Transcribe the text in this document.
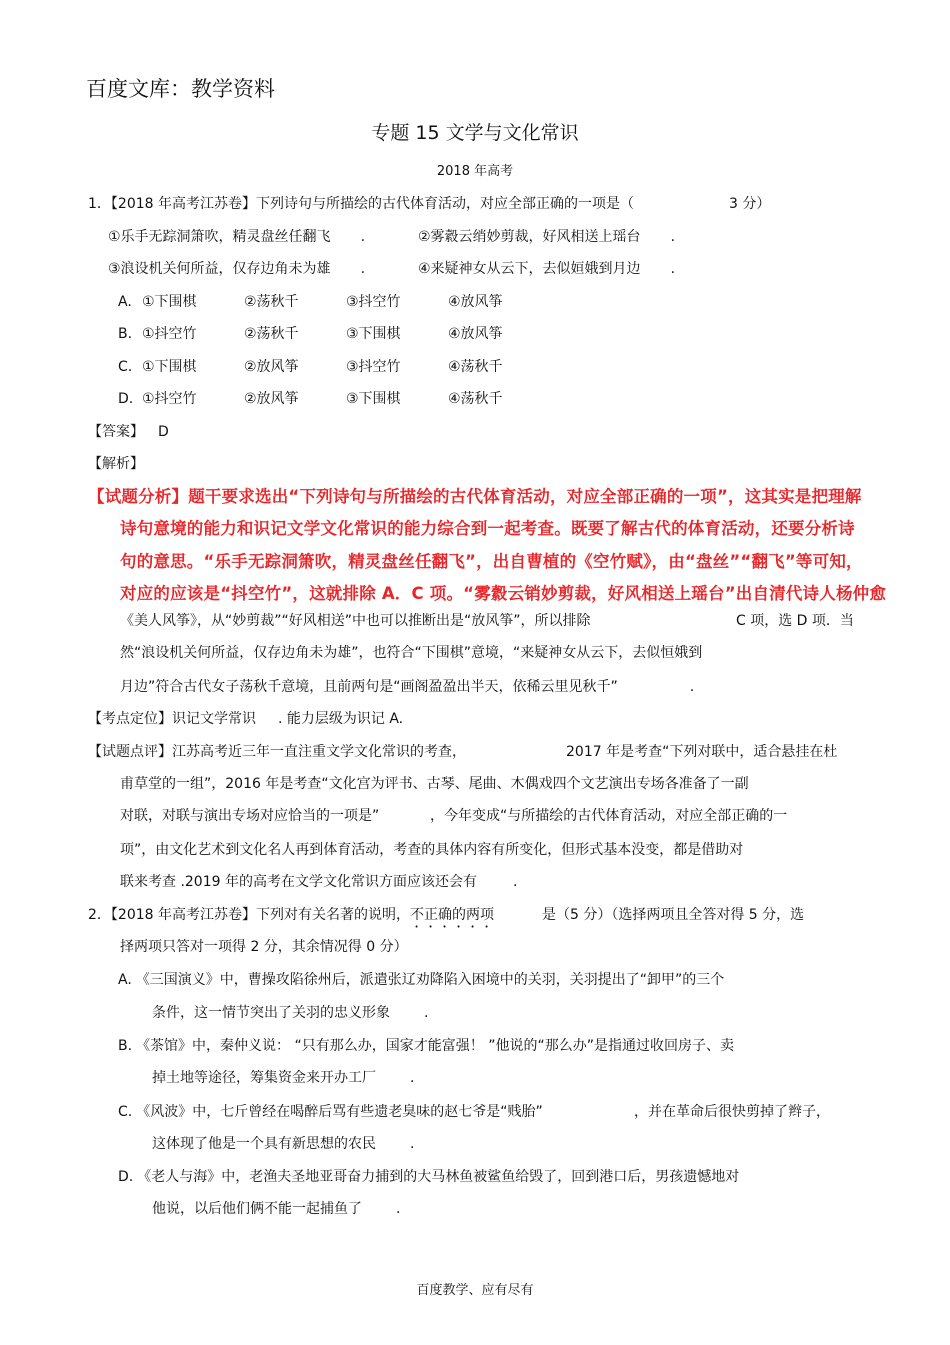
百度文库：教学资料
专题 15 文学与文化常识
2018 年高考
1．【2018 年高考江苏卷】下列诗句与所描绘的古代体育活动，对应全部正确的一项是（	3 分）
①乐手无踪洞箫吹，精灵盘丝任翻飞 .	②雾縠云绡妙剪裁，好风相送上瑶台 .
③浪设机关何所益，仅存边角未为雄 .	④来疑神女从云下，去似姮娥到月边 .
A. ①下围棋	②荡秋千	③抖空竹	④放风筝
B. ①抖空竹	②荡秋千	③下围棋	④放风筝
C. ①下围棋	②放风筝	③抖空竹	④荡秋千
D. ①抖空竹	②放风筝	③下围棋	④荡秋千
【答案】 D
【解析】
【试题分析】题干要求选出“下列诗句与所描绘的古代体育活动，对应全部正确的一项”，这其实是把理解
诗句意境的能力和识记文学文化常识的能力综合到一起考查。既要了解古代的体育活动，还要分析诗
句的意思。“乐手无踪洞箫吹，精灵盘丝任翻飞”，出自曹植的《空竹赋》，由“盘丝”“翻飞”等可知，
对应的应该是“抖空竹”，这就排除 A．C 项。“雾縠云销妙剪裁，好风相送上瑶台”出自清代诗人杨仲愈
《美人风筝》，从“妙剪裁”“好风相送”中也可以推断出是“放风筝”，所以排除	C 项，选 D 项．当
然“浪设机关何所益，仅存边角未为雄”，也符合“下围棋”意境，“来疑神女从云下，去似恒娥到
月边”符合古代女子荡秋千意境，且前两句是“画阁盈盈出半天，依稀云里见秋千”	.
【考点定位】识记文学常识 . 能力层级为识记 A.
【试题点评】江苏高考近三年一直注重文学文化常识的考查，	2017 年是考查“下列对联中，适合悬挂在杜
甫草堂的一组”，2016 年是考查“文化宫为评书、古琴、尾曲、木偶戏四个文艺演出专场各准备了一副
对联，对联与演出专场对应恰当的一项是”	，今年变成“与所描绘的古代体育活动，对应全部正确的一
项”，由文化艺术到文化名人再到体育活动，考查的具体内容有所变化，但形式基本没变，都是借助对
联来考查 .2019 年的高考在文学文化常识方面应该还会有	.
2．【2018 年高考江苏卷】下列对有关名著的说明，不正确的两项	是（5 分）（选择两项且全答对得 5 分，选
择两项只答对一项得 2 分，其余情况得 0 分）
A. 《三国演义》中，曹操攻陷徐州后，派遣张辽劝降陷入困境中的关羽，关羽提出了“卸甲”的三个
条件，这一情节突出了关羽的忠义形象 .
B. 《茶馆》中，秦仲义说： “只有那么办，国家才能富强！ ”他说的“那么办”是指通过收回房子、卖
掉土地等途径，筹集资金来开办工厂 .
C. 《风波》中，七斤曾经在喝醉后骂有些遗老臭味的赵七爷是“贱胎”	，并在革命后很快剪掉了辫子，
这体现了他是一个具有新思想的农民 .
D. 《老人与海》中，老渔夫圣地亚哥奋力捕到的大马林鱼被鲨鱼给毁了，回到港口后，男孩遗憾地对
他说，以后他们俩不能一起捕鱼了 .
百度教学、应有尽有
